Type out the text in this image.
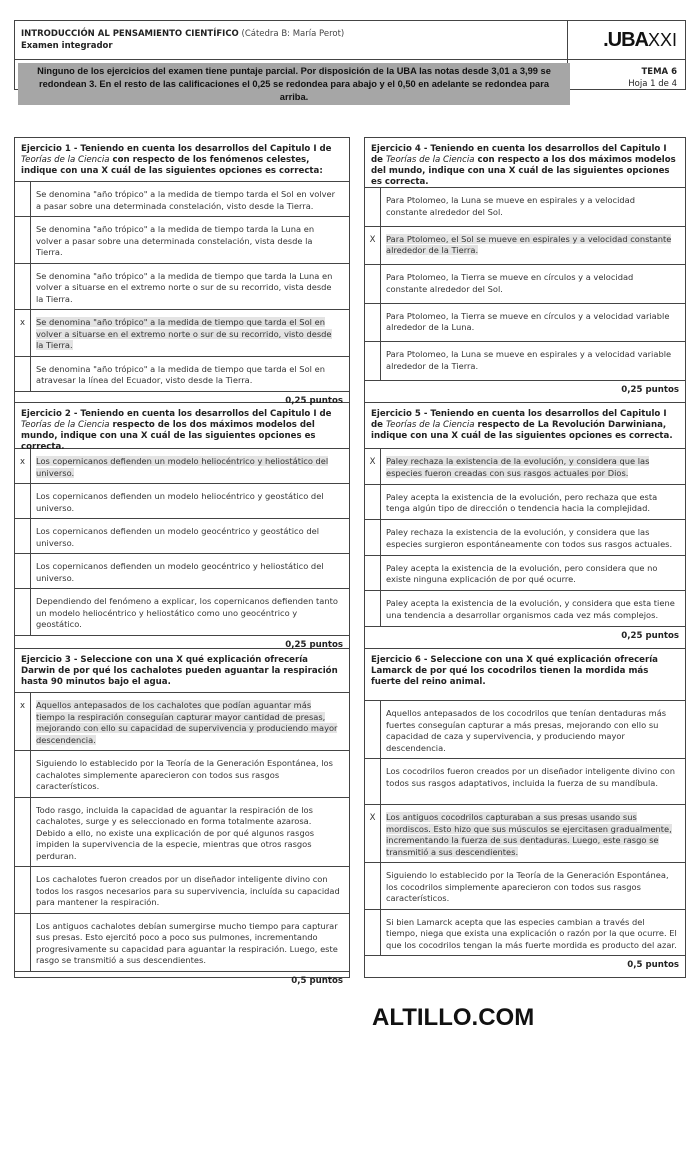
INTRODUCCIÓN AL PENSAMIENTO CIENTÍFICO (Cátedra B: María Perot)
Examen integrador	.UBAXXI
TEMA 6
Hoja 1 de 4
Ninguno de los ejercicios del examen tiene puntaje parcial. Por disposición de la UBA las notas desde 3,01 a 3,99 se redondean 3. En el resto de las calificaciones el 0,25 se redondea para abajo y el 0,50 en adelante se redondea para arriba.
Ejercicio 1 - Teniendo en cuenta los desarrollos del Capitulo I de Teorías de la Ciencia con respecto de los fenómenos celestes, indique con una X cuál de las siguientes opciones es correcta:
Se denomina "año trópico" a la medida de tiempo tarda el Sol en volver a pasar sobre una determinada constelación, visto desde la Tierra.
Se denomina "año trópico" a la medida de tiempo tarda la Luna en volver a pasar sobre una determinada constelación, vista desde la Tierra.
Se denomina "año trópico" a la medida de tiempo que tarda la Luna en volver a situarse en el extremo norte o sur de su recorrido, vista desde la Tierra.
x	Se denomina "año trópico" a la medida de tiempo que tarda el Sol en volver a situarse en el extremo norte o sur de su recorrido, visto desde la Tierra.
Se denomina "año trópico" a la medida de tiempo que tarda el Sol en atravesar la línea del Ecuador, visto desde la Tierra.
0,25 puntos
Ejercicio 2 - Teniendo en cuenta los desarrollos del Capitulo I de Teorías de la Ciencia respecto de los dos máximos modelos del mundo, indique con una X cuál de las siguientes opciones es correcta.
x	Los copernicanos defienden un modelo heliocéntrico y heliostático del universo.
Los copernicanos defienden un modelo heliocéntrico y geostático del universo.
Los copernicanos defienden un modelo geocéntrico y geostático del universo.
Los copernicanos defienden un modelo geocéntrico y heliostático del universo.
Dependiendo del fenómeno a explicar, los copernicanos defienden tanto un modelo heliocéntrico y heliostático como uno geocéntrico y geostático.
0,25 puntos
Ejercicio 3 - Seleccione con una X qué explicación ofrecería Darwin de por qué los cachalotes pueden aguantar la respiración hasta 90 minutos bajo el agua.
x	Aquellos antepasados de los cachalotes que podían aguantar más tiempo la respiración conseguían capturar mayor cantidad de presas, mejorando con ello su capacidad de supervivencia y produciendo mayor descendencia.
Siguiendo lo establecido por la Teoría de la Generación Espontánea, los cachalotes simplemente aparecieron con todos sus rasgos característicos.
Todo rasgo, incluida la capacidad de aguantar la respiración de los cachalotes, surge y es seleccionado en forma totalmente azarosa. Debido a ello, no existe una explicación de por qué algunos rasgos impiden la supervivencia de la especie, mientras que otros rasgos perduran.
Los cachalotes fueron creados por un diseñador inteligente divino con todos los rasgos necesarios para su supervivencia, incluída su capacidad para mantener la respiración.
Los antiguos cachalotes debían sumergirse mucho tiempo para capturar sus presas. Esto ejercitó poco a poco sus pulmones, incrementando progresivamente su capacidad para aguantar la respiración. Luego, este rasgo se transmitió a sus descendientes.
0,5 puntos
Ejercicio 4 - Teniendo en cuenta los desarrollos del Capitulo I de Teorías de la Ciencia con respecto a los dos máximos modelos del mundo, indique con una X cuál de las siguientes opciones es correcta.
Para Ptolomeo, la Luna se mueve en espirales y a velocidad constante alrededor del Sol.
X	Para Ptolomeo, el Sol se mueve en espirales y a velocidad constante alrededor de la Tierra.
Para Ptolomeo, la Tierra se mueve en círculos y a velocidad constante alrededor del Sol.
Para Ptolomeo, la Tierra se mueve en círculos y a velocidad variable alrededor de la Luna.
Para Ptolomeo, la Luna se mueve en espirales y a velocidad variable alrededor de la Tierra.
0,25 puntos
Ejercicio 5 - Teniendo en cuenta los desarrollos del Capitulo I de Teorías de la Ciencia respecto de La Revolución Darwiniana, indique con una X cuál de las siguientes opciones es correcta.
X	Paley rechaza la existencia de la evolución, y considera que las especies fueron creadas con sus rasgos actuales por Dios.
Paley acepta la existencia de la evolución, pero rechaza que esta tenga algún tipo de dirección o tendencia hacia la complejidad.
Paley rechaza la existencia de la evolución, y considera que las especies surgieron espontáneamente con todos sus rasgos actuales.
Paley acepta la existencia de la evolución, pero considera que no existe ninguna explicación de por qué ocurre.
Paley acepta la existencia de la evolución, y considera que esta tiene una tendencia a desarrollar organismos cada vez más complejos.
0,25 puntos
Ejercicio 6 - Seleccione con una X qué explicación ofrecería Lamarck de por qué los cocodrilos tienen la mordida más fuerte del reino animal.
Aquellos antepasados de los cocodrilos que tenían dentaduras más fuertes conseguían capturar a más presas, mejorando con ello su capacidad de caza y supervivencia, y produciendo mayor descendencia.
Los cocodrilos fueron creados por un diseñador inteligente divino con todos sus rasgos adaptativos, incluida la fuerza de su mandíbula.
X	Los antiguos cocodrilos capturaban a sus presas usando sus mordiscos. Esto hizo que sus músculos se ejercitasen gradualmente, incrementando la fuerza de sus dentaduras. Luego, este rasgo se transmitió a sus descendientes.
Siguiendo lo establecido por la Teoría de la Generación Espontánea, los cocodrilos simplemente aparecieron con todos sus rasgos característicos.
Si bien Lamarck acepta que las especies cambian a través del tiempo, niega que exista una explicación o razón por la que ocurre. El que los cocodrilos tengan la más fuerte mordida es producto del azar.
0,5 puntos
ALTILLO.COM
